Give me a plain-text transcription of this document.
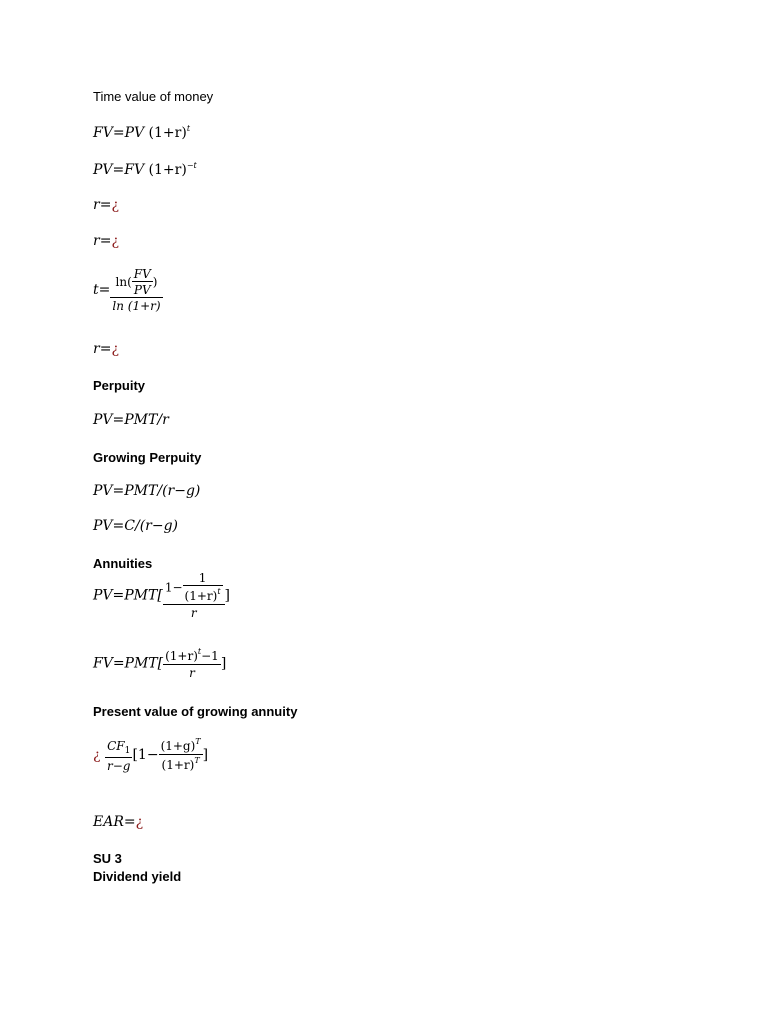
Time value of money
FV=PV $(1+r)^t$
PV=FV $(1+r)^{-t}$
r=¿
r=¿
$t= \frac{\ln( \frac{FV}{PV} )}{\ln (1+r)}$
r=¿
Perpuity
PV=PMT/r
Growing Perpuity
PV=PMT/(r−g)
PV=C/(r−g)
Annuities
$PV=PMT[ \frac{1- \frac{1}{(1+r)^t}}{r}$ ]
$FV=PMT[ \frac{(1+r)^t-1}{r}$ ]
Present value of growing annuity
¿ $\frac{CF_1}{r-g} [1- \frac{(1+g)^T}{(1+r)^T}$ ]
EAR=¿
SU 3
Dividend yield
